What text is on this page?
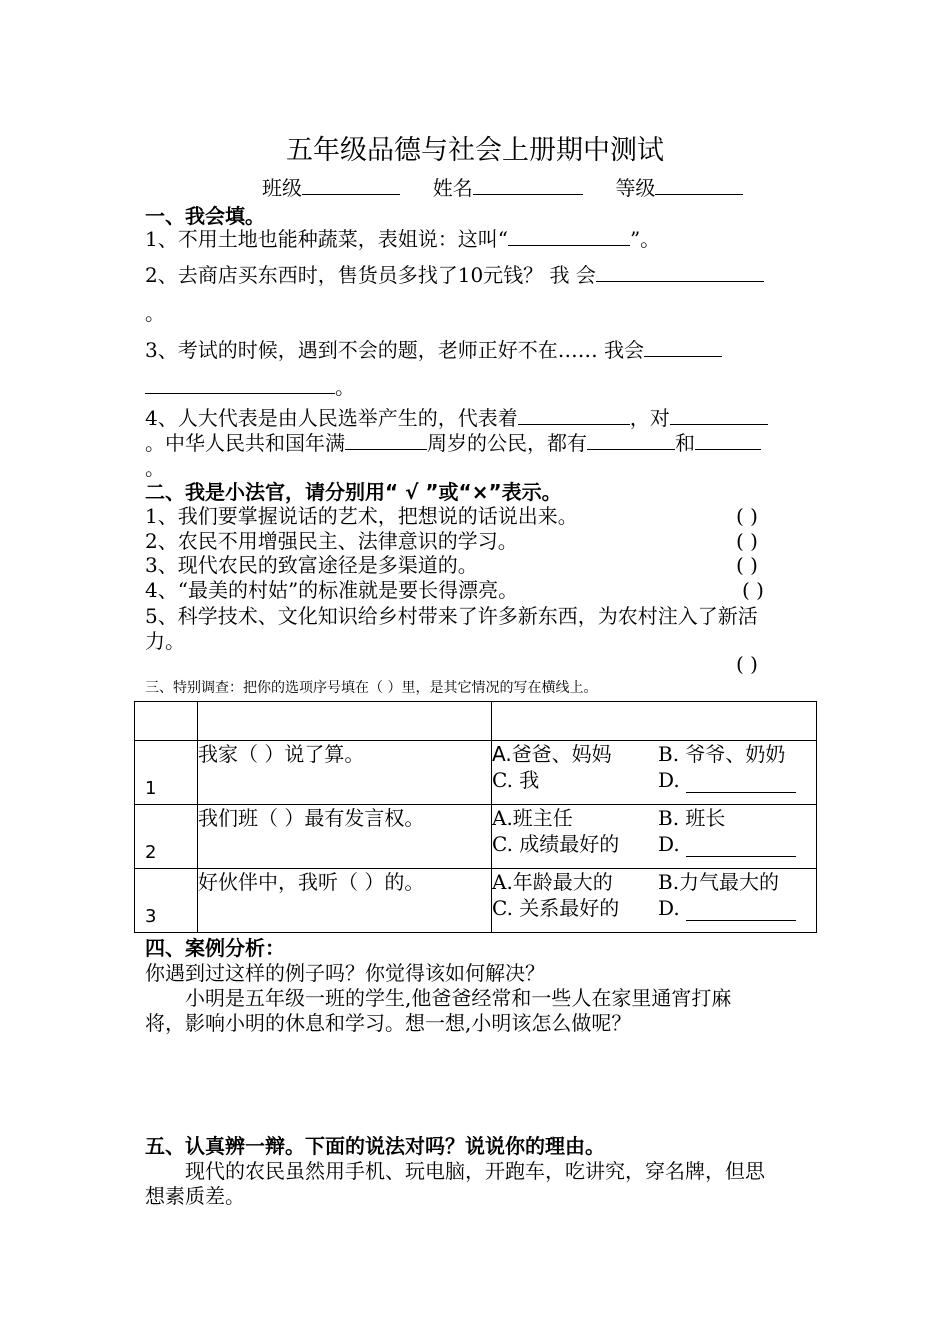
五年级品德与社会上册期中测试
班级	姓名	等级
一、我会填。
1、不用土地也能种蔬菜，表姐说：这叫“	”。
2、去商店买东西时，售货员多找了10元钱？ 我 会
。
3、考试的时候，遇到不会的题，老师正好不在…… 我会
。
4、人大代表是由人民选举产生的，代表着	，对
。中华人民共和国年满	周岁的公民，都有	和
。
二、我是小法官，请分别用“ √ ”或“×”表示。
1、我们要掌握说话的艺术，把想说的话说出来。	( )
2、农民不用增强民主、法律意识的学习。	( )
3、现代农民的致富途径是多渠道的。	( )
4、“最美的村姑”的标准就是要长得漂亮。	( )
5、科学技术、文化知识给乡村带来了许多新东西，为农村注入了新活
力。
( )
三、特别调查：把你的选项序号填在（ ）里，是其它情况的写在横线上。

1	我家（ ）说了算。	A.爸爸、妈妈 B. 爷爷、奶奶
C. 我 D.

2	我们班（ ）最有发言权。	A.班主任 B. 班长
C. 成绩最好的 D.

3	好伙伴中，我听（ ）的。	A.年龄最大的 B.力气最大的
C. 关系最好的 D.
四、案例分析：
你遇到过这样的例子吗？你觉得该如何解决？
小明是五年级一班的学生,他爸爸经常和一些人在家里通宵打麻
将，影响小明的休息和学习。想一想,小明该怎么做呢？
五、认真辨一辩。下面的说法对吗？说说你的理由。
现代的农民虽然用手机、玩电脑，开跑车，吃讲究，穿名牌，但思
想素质差。
